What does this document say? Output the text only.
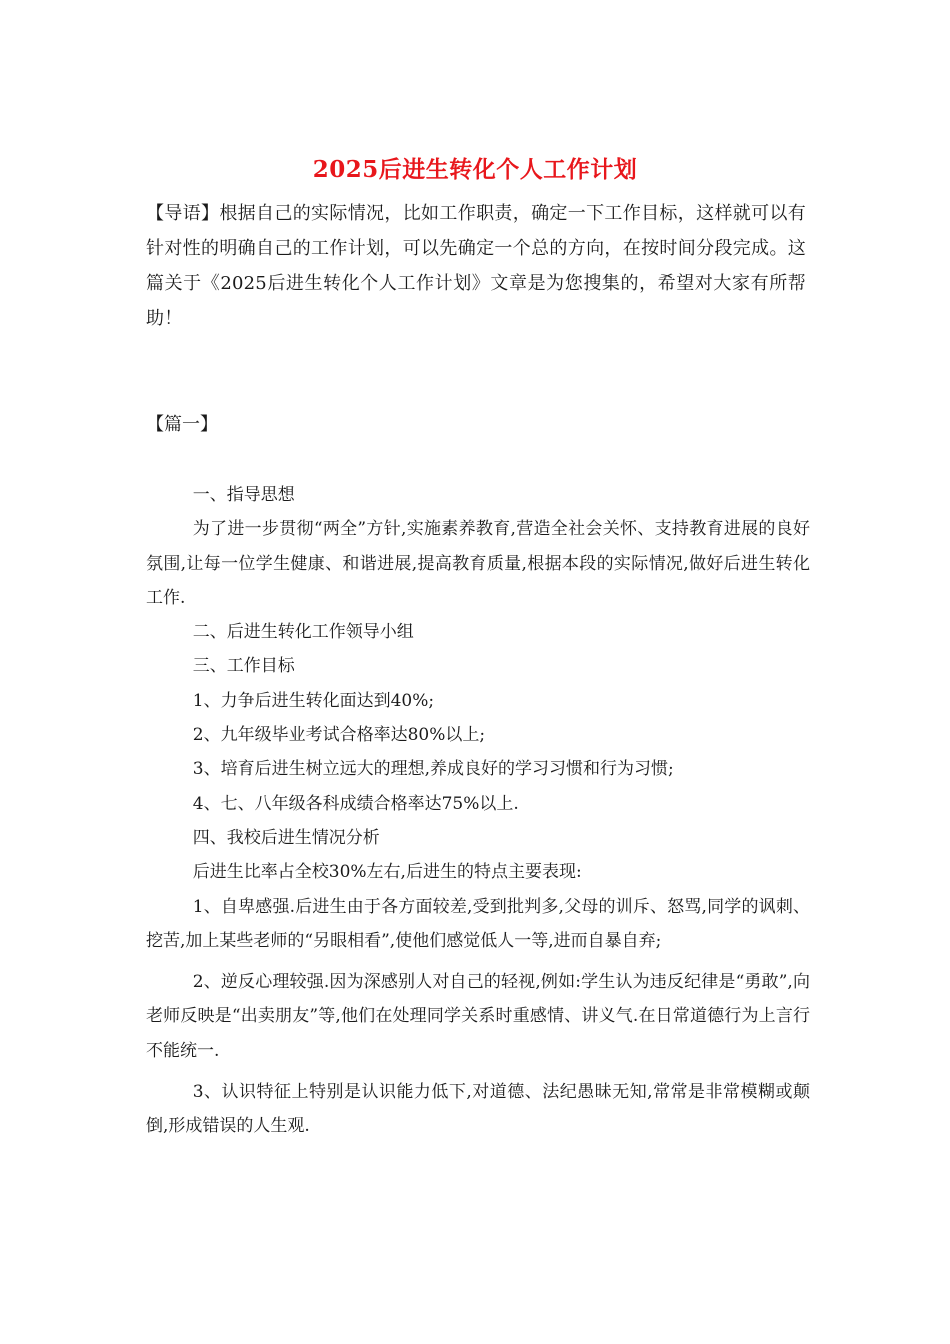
2025后进生转化个人工作计划

【导语】根据自己的实际情况，比如工作职责，确定一下工作目标，这样就可以有针对性的明确自己的工作计划，可以先确定一个总的方向，在按时间分段完成。这篇关于《2025后进生转化个人工作计划》文章是为您搜集的，希望对大家有所帮助！

【篇一】

一、指导思想

为了进一步贯彻“两全”方针,实施素养教育,营造全社会关怀、支持教育进展的良好氛围,让每一位学生健康、和谐进展,提高教育质量,根据本段的实际情况,做好后进生转化工作.

二、后进生转化工作领导小组

三、工作目标

1、力争后进生转化面达到40%;

2、九年级毕业考试合格率达80%以上;

3、培育后进生树立远大的理想,养成良好的学习习惯和行为习惯;

4、七、八年级各科成绩合格率达75%以上.

四、我校后进生情况分析

后进生比率占全校30%左右,后进生的特点主要表现:

1、自卑感强.后进生由于各方面较差,受到批判多,父母的训斥、怒骂,同学的讽刺、挖苦,加上某些老师的“另眼相看”,使他们感觉低人一等,进而自暴自弃;

2、逆反心理较强.因为深感别人对自己的轻视,例如:学生认为违反纪律是“勇敢”,向老师反映是“出卖朋友”等,他们在处理同学关系时重感情、讲义气.在日常道德行为上言行不能统一.

3、认识特征上特别是认识能力低下,对道德、法纪愚昧无知,常常是非常模糊或颠倒,形成错误的人生观.
